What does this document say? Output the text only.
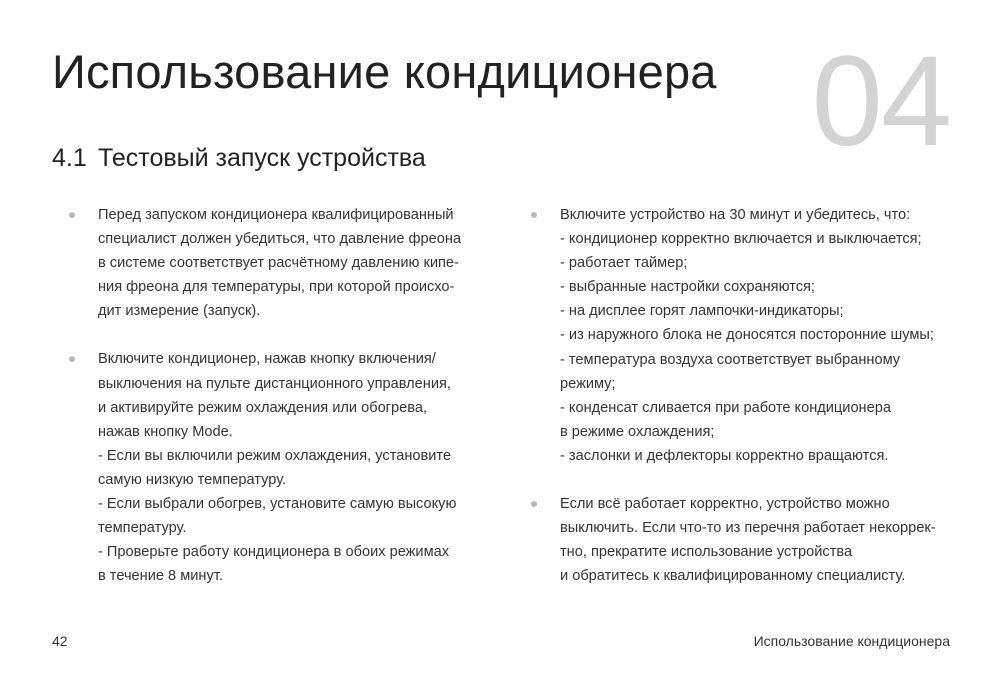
Использование кондиционера 04
4.1 Тестовый запуск устройства
Перед запуском кондиционера квалифицированный
специалист должен убедиться, что давление фреона
в системе соответствует расчётному давлению кипе-
ния фреона для температуры, при которой происхо-
дит измерение (запуск).
Включите кондиционер, нажав кнопку включения/
выключения на пульте дистанционного управления,
и активируйте режим охлаждения или обогрева,
нажав кнопку Mode.
- Если вы включили режим охлаждения, установите
самую низкую температуру.
- Если выбрали обогрев, установите самую высокую
температуру.
- Проверьте работу кондиционера в обоих режимах
в течение 8 минут.
Включите устройство на 30 минут и убедитесь, что:
- кондиционер корректно включается и выключается;
- работает таймер;
- выбранные настройки сохраняются;
- на дисплее горят лампочки-индикаторы;
- из наружного блока не доносятся посторонние шумы;
- температура воздуха соответствует выбранному
режиму;
- конденсат сливается при работе кондиционера
в режиме охлаждения;
- заслонки и дефлекторы корректно вращаются.
Если всё работает корректно, устройство можно
выключить. Если что-то из перечня работает некоррек-
тно, прекратите использование устройства
и обратитесь к квалифицированному специалисту.
42	Использование кондиционера
